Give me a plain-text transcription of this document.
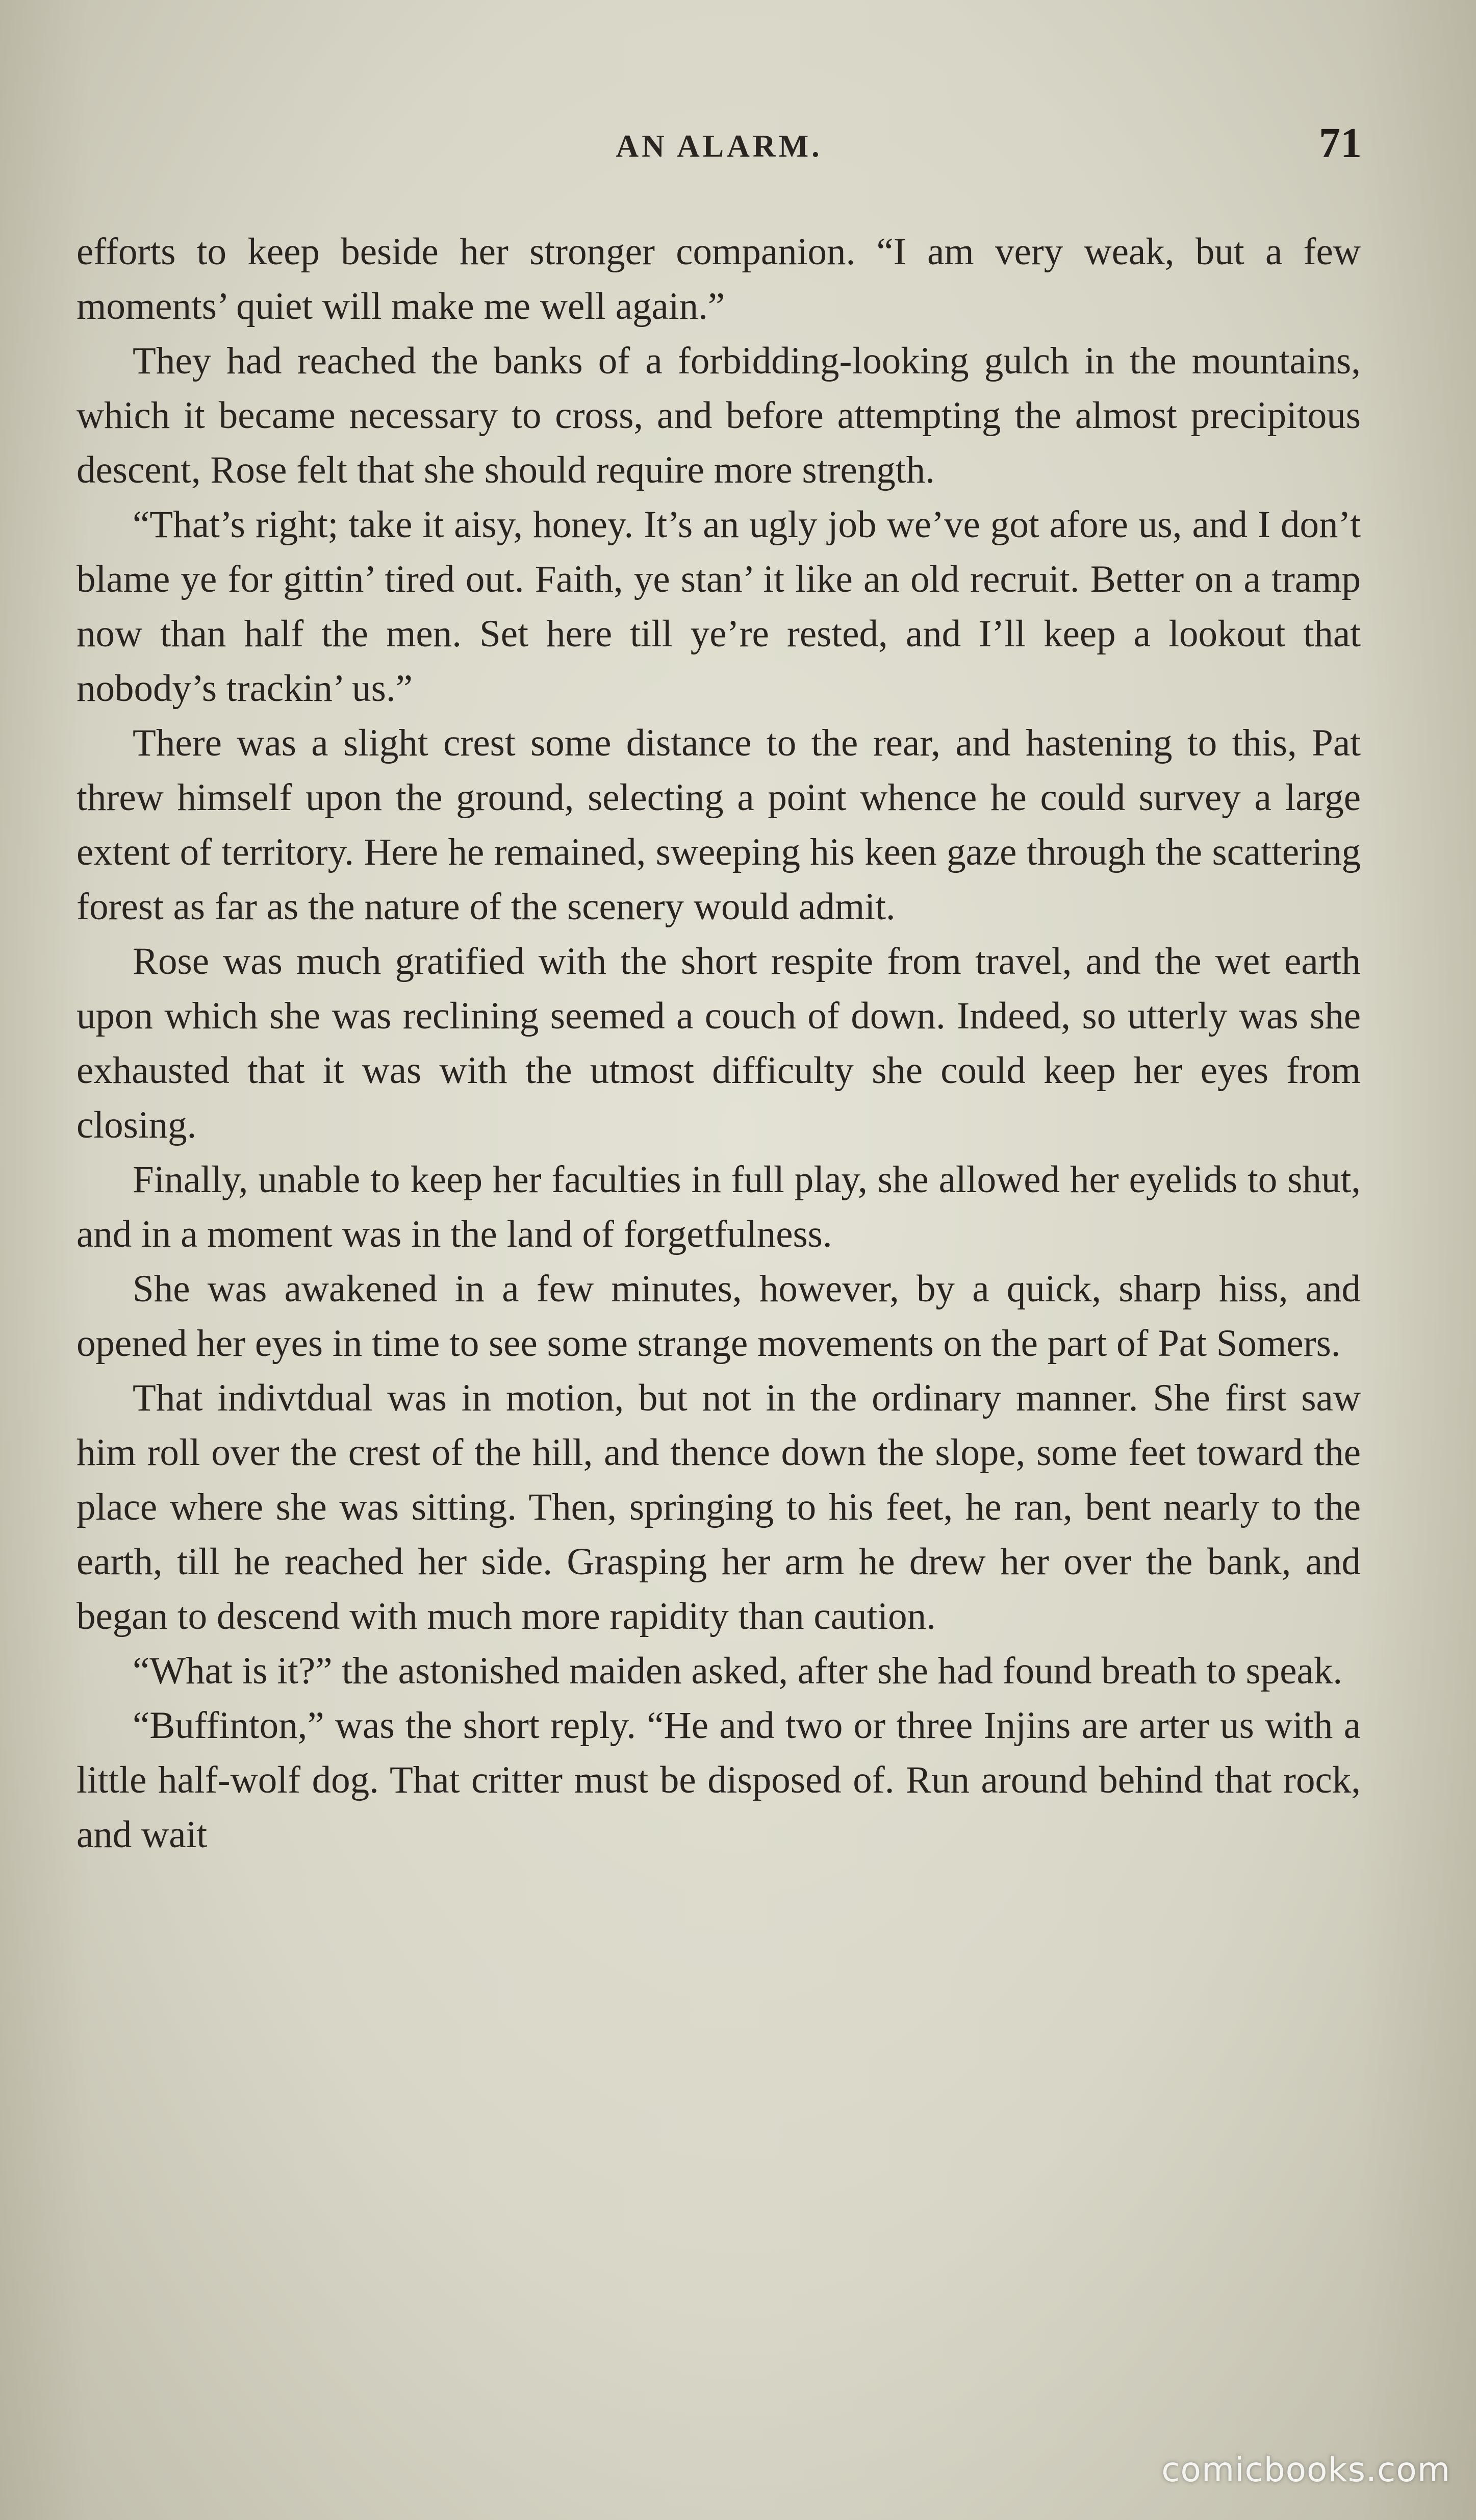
AN ALARM.	71

efforts to keep beside her stronger companion. “I am very weak, but a few moments’ quiet will make me well again.”

They had reached the banks of a forbidding-looking gulch in the mountains, which it became necessary to cross, and before attempting the almost precipitous descent, Rose felt that she should require more strength.

“That’s right; take it aisy, honey. It’s an ugly job we’ve got afore us, and I don’t blame ye for gittin’ tired out. Faith, ye stan’ it like an old recruit. Better on a tramp now than half the men. Set here till ye’re rested, and I’ll keep a lookout that nobody’s trackin’ us.”

There was a slight crest some distance to the rear, and hastening to this, Pat threw himself upon the ground, selecting a point whence he could survey a large extent of territory. Here he remained, sweeping his keen gaze through the scattering forest as far as the nature of the scenery would admit.

Rose was much gratified with the short respite from travel, and the wet earth upon which she was reclining seemed a couch of down. Indeed, so utterly was she exhausted that it was with the utmost difficulty she could keep her eyes from closing.

Finally, unable to keep her faculties in full play, she allowed her eyelids to shut, and in a moment was in the land of forgetfulness.

She was awakened in a few minutes, however, by a quick, sharp hiss, and opened her eyes in time to see some strange movements on the part of Pat Somers.

That indivtdual was in motion, but not in the ordinary manner. She first saw him roll over the crest of the hill, and thence down the slope, some feet toward the place where she was sitting. Then, springing to his feet, he ran, bent nearly to the earth, till he reached her side. Grasping her arm he drew her over the bank, and began to descend with much more rapidity than caution.

“What is it?” the astonished maiden asked, after she had found breath to speak.

“Buffinton,” was the short reply. “He and two or three Injins are arter us with a little half-wolf dog. That critter must be disposed of. Run around behind that rock, and wait

comicbooks.com
